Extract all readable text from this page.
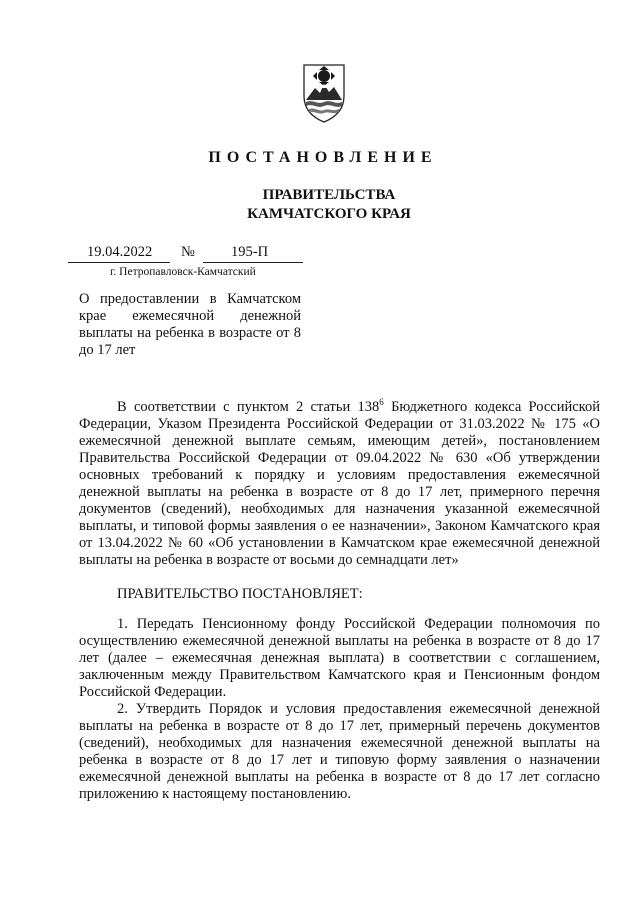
ПОСТАНОВЛЕНИЕ
ПРАВИТЕЛЬСТВА
КАМЧАТСКОГО КРАЯ
19.04.2022 № 195-П
г. Петропавловск-Камчатский
О предоставлении в Камчатском крае ежемесячной денежной выплаты на ребенка в возрасте от 8 до 17 лет

В соответствии с пунктом 2 статьи $138^6$ Бюджетного кодекса Российской Федерации, Указом Президента Российской Федерации от 31.03.2022 № 175 «О ежемесячной денежной выплате семьям, имеющим детей», постановлением Правительства Российской Федерации от 09.04.2022 № 630 «Об утверждении основных требований к порядку и условиям предоставления ежемесячной денежной выплаты на ребенка в возрасте от 8 до 17 лет, примерного перечня документов (сведений), необходимых для назначения указанной ежемесячной выплаты, и типовой формы заявления о ее назначении», Законом Камчатского края от 13.04.2022 № 60 «Об установлении в Камчатском крае ежемесячной денежной выплаты на ребенка в возрасте от восьми до семнадцати лет»

ПРАВИТЕЛЬСТВО ПОСТАНОВЛЯЕТ:

1. Передать Пенсионному фонду Российской Федерации полномочия по осуществлению ежемесячной денежной выплаты на ребенка в возрасте от 8 до 17 лет (далее – ежемесячная денежная выплата) в соответствии с соглашением, заключенным между Правительством Камчатского края и Пенсионным фондом Российской Федерации.

2. Утвердить Порядок и условия предоставления ежемесячной денежной выплаты на ребенка в возрасте от 8 до 17 лет, примерный перечень документов (сведений), необходимых для назначения ежемесячной денежной выплаты на ребенка в возрасте от 8 до 17 лет и типовую форму заявления о назначении ежемесячной денежной выплаты на ребенка в возрасте от 8 до 17 лет согласно приложению к настоящему постановлению.
